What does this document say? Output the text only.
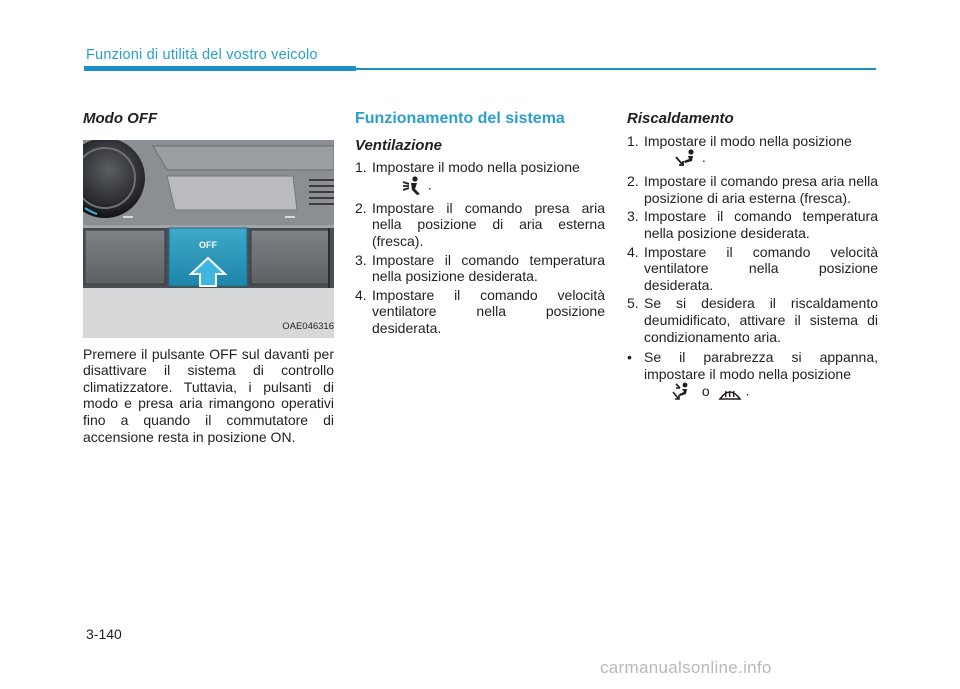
Funzioni di utilità del vostro veicolo
Modo OFF
OFF
OAE046316

Premere il pulsante OFF sul davanti per disattivare il sistema di controllo climatizzatore. Tuttavia, i pulsanti di modo e presa aria rimangono operativi fino a quando il commutatore di accensione resta in posizione ON.

Funzionamento del sistema
Ventilazione
1. Impostare il modo nella posizione
.
2. Impostare il comando presa aria nella posizione di aria esterna (fresca).
3. Impostare il comando temperatura nella posizione desiderata.
4. Impostare il comando velocità ventilatore nella posizione desiderata.
Riscaldamento
1. Impostare il modo nella posizione
.
2. Impostare il comando presa aria nella posizione di aria esterna (fresca).
3. Impostare il comando temperatura nella posizione desiderata.
4. Impostare il comando velocità ventilatore nella posizione desiderata.
5. Se si desidera il riscaldamento deumidificato, attivare il sistema di condizionamento aria.
• Se il parabrezza si appanna, impostare il modo nella posizione
o	.
3-140
carmanualsonline.info
